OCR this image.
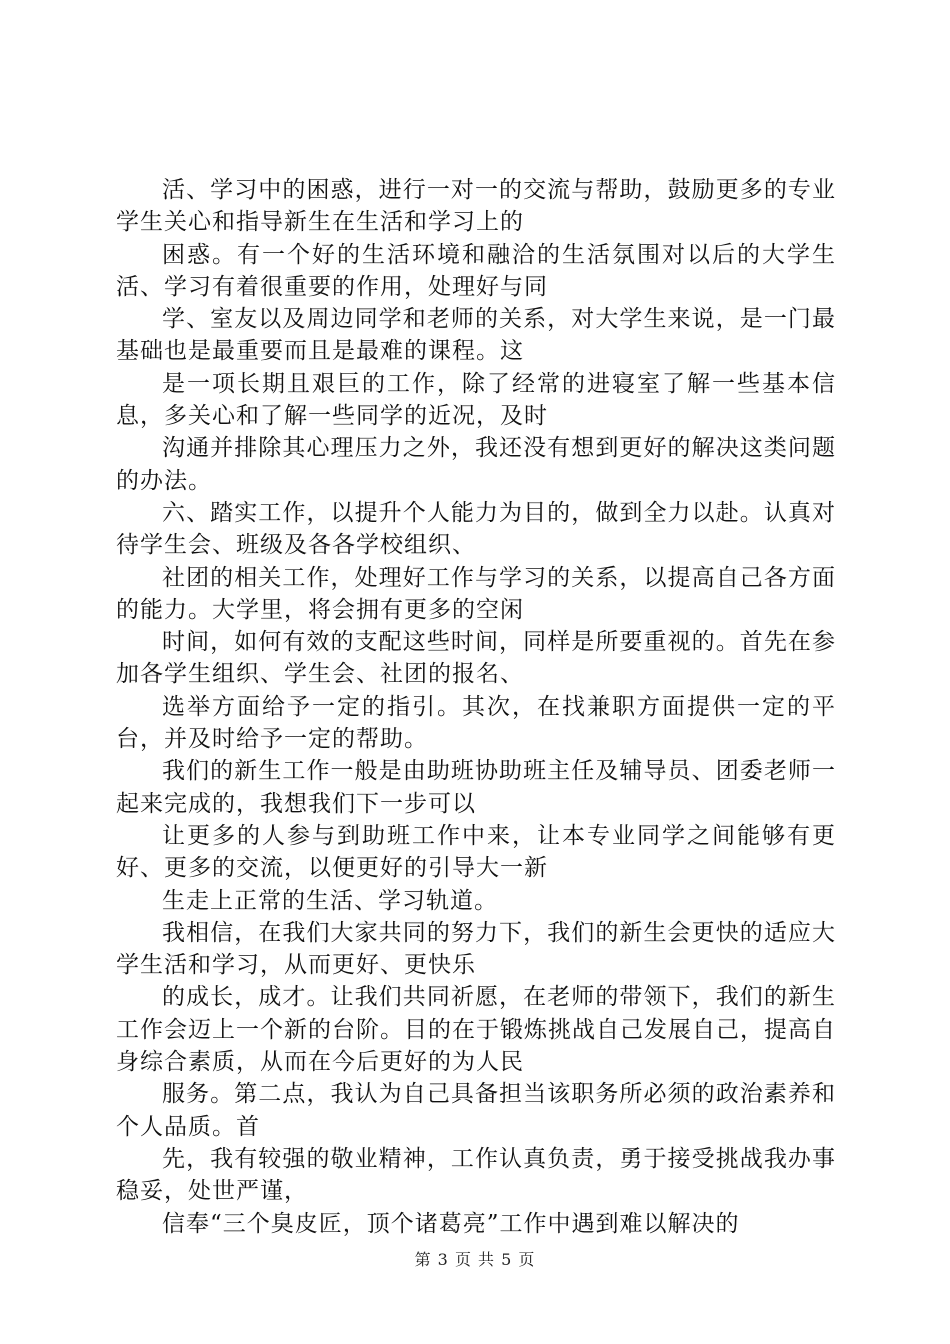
活、学习中的困惑，进行一对一的交流与帮助，鼓励更多的专业学生关心和指导新生在生活和学习上的

困惑。有一个好的生活环境和融洽的生活氛围对以后的大学生活、学习有着很重要的作用，处理好与同

学、室友以及周边同学和老师的关系，对大学生来说，是一门最基础也是最重要而且是最难的课程。这

是一项长期且艰巨的工作，除了经常的进寝室了解一些基本信息，多关心和了解一些同学的近况，及时

沟通并排除其心理压力之外，我还没有想到更好的解决这类问题的办法。

六、踏实工作，以提升个人能力为目的，做到全力以赴。认真对待学生会、班级及各各学校组织、

社团的相关工作，处理好工作与学习的关系，以提高自己各方面的能力。大学里，将会拥有更多的空闲

时间，如何有效的支配这些时间，同样是所要重视的。首先在参加各学生组织、学生会、社团的报名、

选举方面给予一定的指引。其次，在找兼职方面提供一定的平台，并及时给予一定的帮助。

我们的新生工作一般是由助班协助班主任及辅导员、团委老师一起来完成的，我想我们下一步可以

让更多的人参与到助班工作中来，让本专业同学之间能够有更好、更多的交流，以便更好的引导大一新

生走上正常的生活、学习轨道。

我相信，在我们大家共同的努力下，我们的新生会更快的适应大学生活和学习，从而更好、更快乐

的成长，成才。让我们共同祈愿，在老师的带领下，我们的新生工作会迈上一个新的台阶。目的在于锻炼挑战自己发展自己，提高自身综合素质，从而在今后更好的为人民

服务。第二点，我认为自己具备担当该职务所必须的政治素养和个人品质。首

先，我有较强的敬业精神，工作认真负责，勇于接受挑战我办事稳妥，处世严谨，

信奉“三个臭皮匠，顶个诸葛亮”工作中遇到难以解决的

第 3 页 共 5 页
